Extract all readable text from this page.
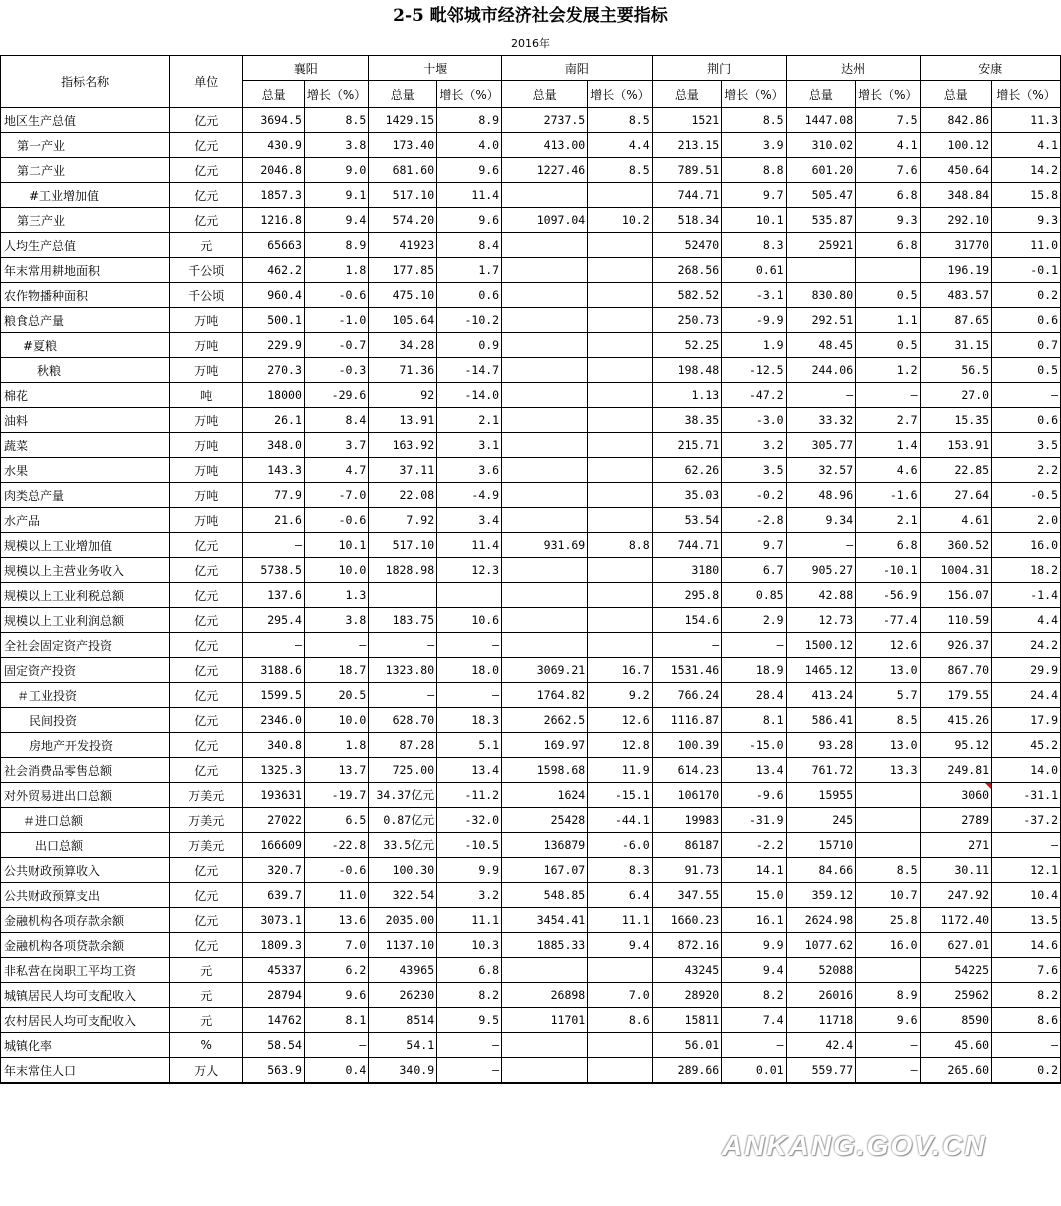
2-5 毗邻城市经济社会发展主要指标
2016年
指标名称	单位	襄阳		十堰		南阳		荆门		达州		安康	
		总量	增长（%）	总量	增长（%）	总量	增长（%）	总量	增长（%）	总量	增长（%）	总量	增长（%）
地区生产总值	亿元	3694.5	8.5	1429.15	8.9	2737.5	8.5	1521	8.5	1447.08	7.5	842.86	11.3
第一产业	亿元	430.9	3.8	173.40	4.0	413.00	4.4	213.15	3.9	310.02	4.1	100.12	4.1
第二产业	亿元	2046.8	9.0	681.60	9.6	1227.46	8.5	789.51	8.8	601.20	7.6	450.64	14.2
#工业增加值	亿元	1857.3	9.1	517.10	11.4			744.71	9.7	505.47	6.8	348.84	15.8
第三产业	亿元	1216.8	9.4	574.20	9.6	1097.04	10.2	518.34	10.1	535.87	9.3	292.10	9.3
人均生产总值	元	65663	8.9	41923	8.4			52470	8.3	25921	6.8	31770	11.0
年末常用耕地面积	千公顷	462.2	1.8	177.85	1.7			268.56	0.61			196.19	-0.1
农作物播种面积	千公顷	960.4	-0.6	475.10	0.6			582.52	-3.1	830.80	0.5	483.57	0.2
粮食总产量	万吨	500.1	-1.0	105.64	-10.2			250.73	-9.9	292.51	1.1	87.65	0.6
#夏粮	万吨	229.9	-0.7	34.28	0.9			52.25	1.9	48.45	0.5	31.15	0.7
秋粮	万吨	270.3	-0.3	71.36	-14.7			198.48	-12.5	244.06	1.2	56.5	0.5
棉花	吨	18000	-29.6	92	-14.0			1.13	-47.2	—	—	27.0	—
油料	万吨	26.1	8.4	13.91	2.1			38.35	-3.0	33.32	2.7	15.35	0.6
蔬菜	万吨	348.0	3.7	163.92	3.1			215.71	3.2	305.77	1.4	153.91	3.5
水果	万吨	143.3	4.7	37.11	3.6			62.26	3.5	32.57	4.6	22.85	2.2
肉类总产量	万吨	77.9	-7.0	22.08	-4.9			35.03	-0.2	48.96	-1.6	27.64	-0.5
水产品	万吨	21.6	-0.6	7.92	3.4			53.54	-2.8	9.34	2.1	4.61	2.0
规模以上工业增加值	亿元	—	10.1	517.10	11.4	931.69	8.8	744.71	9.7	—	6.8	360.52	16.0
规模以上主营业务收入	亿元	5738.5	10.0	1828.98	12.3			3180	6.7	905.27	-10.1	1004.31	18.2
规模以上工业利税总额	亿元	137.6	1.3					295.8	0.85	42.88	-56.9	156.07	-1.4
规模以上工业利润总额	亿元	295.4	3.8	183.75	10.6			154.6	2.9	12.73	-77.4	110.59	4.4
全社会固定资产投资	亿元	—	—	—	—			—	—	1500.12	12.6	926.37	24.2
固定资产投资	亿元	3188.6	18.7	1323.80	18.0	3069.21	16.7	1531.46	18.9	1465.12	13.0	867.70	29.9
＃工业投资	亿元	1599.5	20.5	—	—	1764.82	9.2	766.24	28.4	413.24	5.7	179.55	24.4
民间投资	亿元	2346.0	10.0	628.70	18.3	2662.5	12.6	1116.87	8.1	586.41	8.5	415.26	17.9
房地产开发投资	亿元	340.8	1.8	87.28	5.1	169.97	12.8	100.39	-15.0	93.28	13.0	95.12	45.2
社会消费品零售总额	亿元	1325.3	13.7	725.00	13.4	1598.68	11.9	614.23	13.4	761.72	13.3	249.81	14.0
对外贸易进出口总额	万美元	193631	-19.7	34.37亿元	-11.2	1624	-15.1	106170	-9.6	15955		3060	-31.1
＃进口总额	万美元	27022	6.5	0.87亿元	-32.0	25428	-44.1	19983	-31.9	245		2789	-37.2
出口总额	万美元	166609	-22.8	33.5亿元	-10.5	136879	-6.0	86187	-2.2	15710		271	—
公共财政预算收入	亿元	320.7	-0.6	100.30	9.9	167.07	8.3	91.73	14.1	84.66	8.5	30.11	12.1
公共财政预算支出	亿元	639.7	11.0	322.54	3.2	548.85	6.4	347.55	15.0	359.12	10.7	247.92	10.4
金融机构各项存款余额	亿元	3073.1	13.6	2035.00	11.1	3454.41	11.1	1660.23	16.1	2624.98	25.8	1172.40	13.5
金融机构各项贷款余额	亿元	1809.3	7.0	1137.10	10.3	1885.33	9.4	872.16	9.9	1077.62	16.0	627.01	14.6
非私营在岗职工平均工资	元	45337	6.2	43965	6.8			43245	9.4	52088		54225	7.6
城镇居民人均可支配收入	元	28794	9.6	26230	8.2	26898	7.0	28920	8.2	26016	8.9	25962	8.2
农村居民人均可支配收入	元	14762	8.1	8514	9.5	11701	8.6	15811	7.4	11718	9.6	8590	8.6
城镇化率	%	58.54	—	54.1	—			56.01	—	42.4	—	45.60	—
年末常住人口	万人	563.9	0.4	340.9	—			289.66	0.01	559.77	—	265.60	0.2
ANKANG.GOV.CN
